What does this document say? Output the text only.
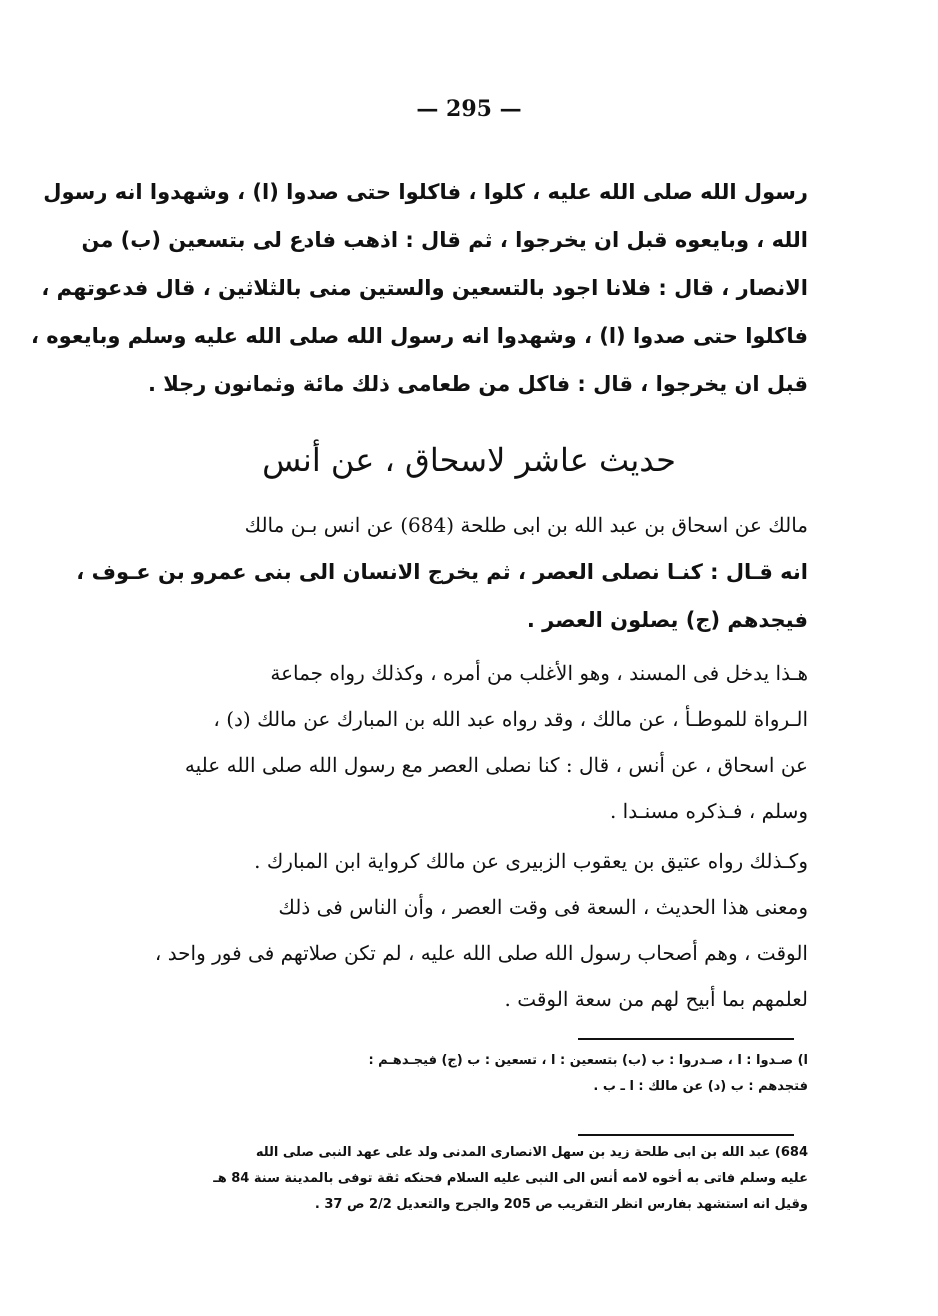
— 295 —
رسول الله صلى الله عليه ، كلوا ، فاكلوا حتى صدوا (ا) ، وشهدوا انه رسول
الله ، وبايعوه قبل ان يخرجوا ، ثم قال : اذهب فادع لى بتسعين (ب) من
الانصار ، قال : فلانا اجود بالتسعين والستين منى بالثلاثين ، قال فدعوتهم ،
فاكلوا حتى صدوا (ا) ، وشهدوا انه رسول الله صلى الله عليه وسلم وبايعوه ،
قبل ان يخرجوا ، قال : فاكل من طعامى ذلك مائة وثمانون رجلا .
حديث عاشر لاسحاق ، عن أنس
مالك عن اسحاق بن عبد الله بن ابى طلحة (684) عن انس بـن مالك
انه قـال : كنـا نصلى العصر ، ثم يخرج الانسان الى بنى عمرو بن عـوف ،
فيجدهم (ج) يصلون العصر .
هـذا يدخل فى المسند ، وهو الأغلب من أمره ، وكذلك رواه جماعة
الـرواة للموطـأ ، عن مالك ، وقد رواه عبد الله بن المبارك عن مالك (د) ،
عن اسحاق ، عن أنس ، قال : كنا نصلى العصر مع رسول الله صلى الله عليه
وسلم ، فـذكره مسنـدا .
وكـذلك رواه عتيق بن يعقوب الزبيرى عن مالك كرواية ابن المبارك .
ومعنى هذا الحديث ، السعة فى وقت العصر ، وأن الناس فى ذلك
الوقت ، وهم أصحاب رسول الله صلى الله عليه ، لم تكن صلاتهم فى فور واحد ،
لعلمهم بما أبيح لهم من سعة الوقت .
ا) صـدوا : ا ، صـدروا : ب (ب) بتسعين : ا ، تسعين : ب (ج) فيجـدهـم :
فتجدهم : ب (د) عن مالك : ا ـ ب .
684) عبد الله بن ابى طلحة زيد بن سهل الانصارى المدنى ولد على عهد النبى صلى الله
عليه وسلم فاتى به أخوه لامه أنس الى النبى عليه السلام فحنكه ثقة توفى بالمدينة سنة 84 هـ
وقيل انه استشهد بفارس انظر التقريب ص 205 والجرح والتعديل 2/2 ص 37 .
